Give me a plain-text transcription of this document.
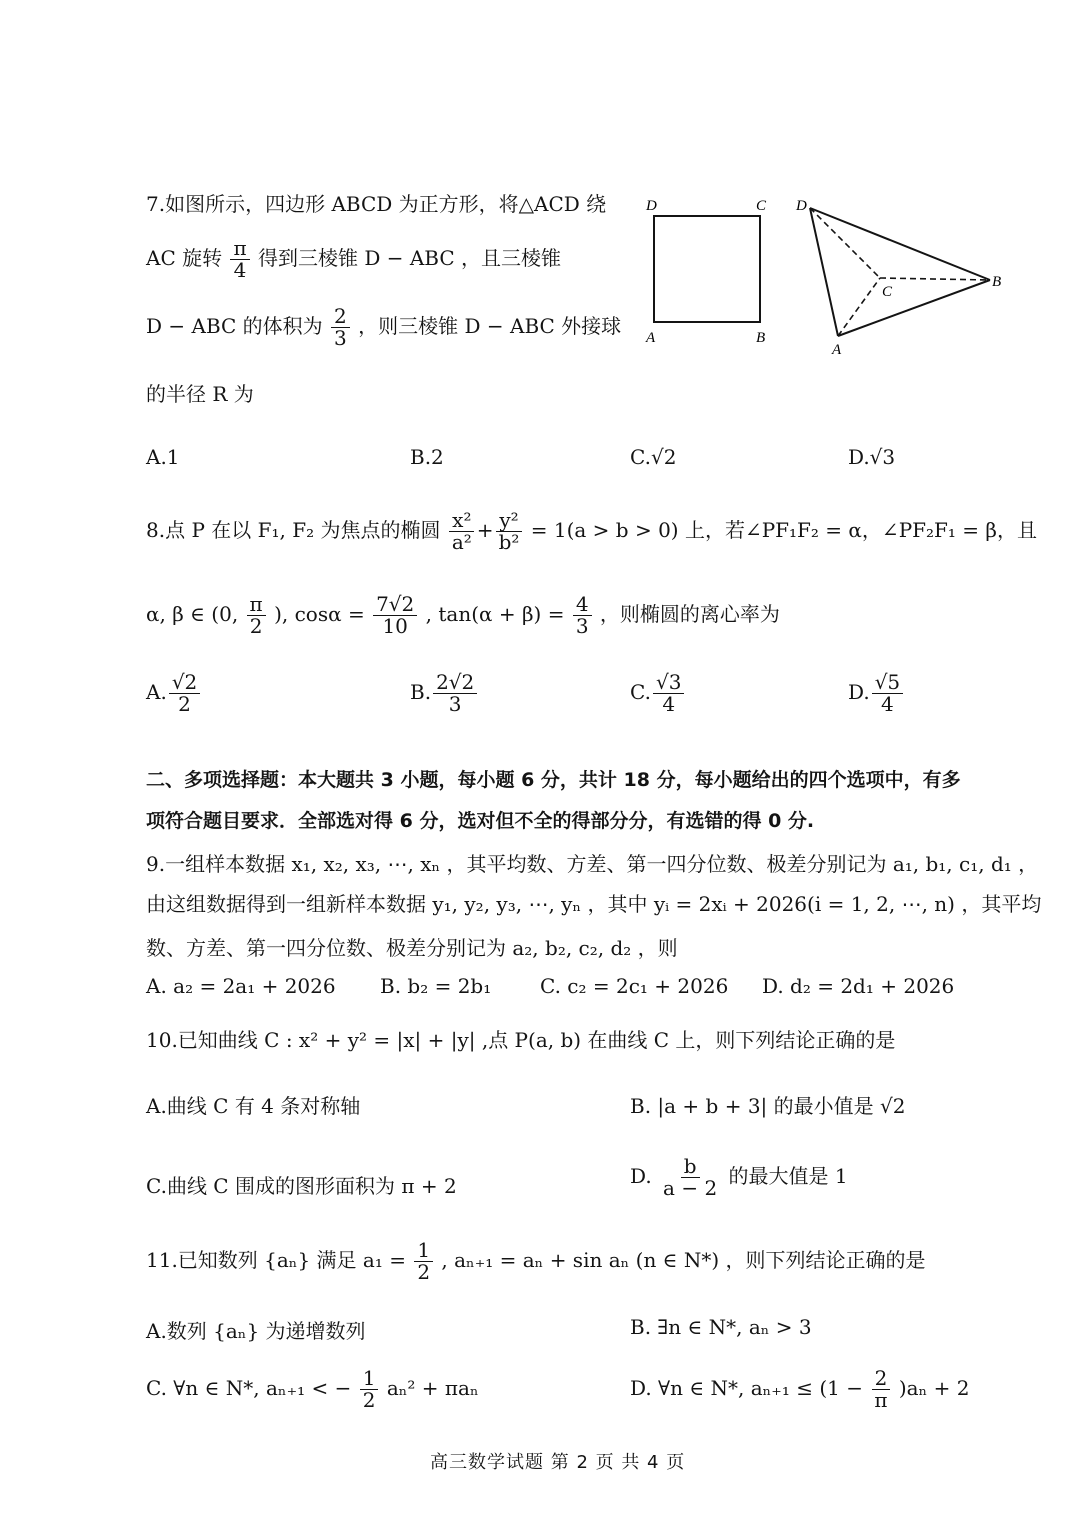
7.如图所示，四边形 ABCD 为正方形，将△ACD 绕
AC 旋转 $\frac{\pi}{4}$ 得到三棱锥 D − ABC ，且三棱锥
D − ABC 的体积为 $\frac{2}{3}$ ，则三棱锥 D − ABC 外接球
的半径 R 为
D	C
A	B
D
C
A
B
A.1	B.2	C.√2	D.√3
8.点 P 在以 F₁, F₂ 为焦点的椭圆 $\frac{\text{x²}}{\text{a²}} + \frac{\text{y²}}{\text{b²}} = 1(a > b > 0)$ 上，若∠PF₁F₂ = α，∠PF₂F₁ = β，且
α, β ∈ (0, $\frac{\pi}{2}$ ), $\cos\alpha = \frac{7√2}{10}$ , $\tan(\alpha + \beta) = \frac{4}{3}$ ，则椭圆的离心率为
A. $\frac{√2}{2}$	B. $\frac{2√2}{3}$	C. $\frac{√3}{4}$	D. $\frac{√5}{4}$
二、多项选择题：本大题共 3 小题，每小题 6 分，共计 18 分，每小题给出的四个选项中，有多
项符合题目要求．全部选对得 6 分，选对但不全的得部分分，有选错的得 0 分.
9.一组样本数据 x₁, x₂, x₃, ⋯, xₙ ，其平均数、方差、第一四分位数、极差分别记为 a₁, b₁, c₁, d₁ ，
由这组数据得到一组新样本数据 y₁, y₂, y₃, ⋯, yₙ ，其中 yᵢ = 2xᵢ + 2026(i = 1, 2, ⋯, n) ，其平均
数、方差、第一四分位数、极差分别记为 a₂, b₂, c₂, d₂ ，则
A. a₂ = 2a₁ + 2026 B. b₂ = 2b₁ C. c₂ = 2c₁ + 2026 D. d₂ = 2d₁ + 2026
10.已知曲线 C : x² + y² = |x| + |y| ,点 P(a, b) 在曲线 C 上，则下列结论正确的是
A.曲线 C 有 4 条对称轴	B. |a + b + 3| 的最小值是 √2
C.曲线 C 围成的图形面积为 π + 2	D. $\frac{b}{a - 2}$ 的最大值是 1
11.已知数列 {aₙ} 满足 $a_1 = \frac{1}{2}$ , aₙ₊₁ = aₙ + sin aₙ (n ∈ N*) ，则下列结论正确的是
A.数列 {aₙ} 为递增数列	B. ∃n ∈ N*, aₙ > 3
C. ∀n ∈ N*, aₙ₊₁ < − $\frac{1}{2} a_n^2 + \pi a_n$	D. ∀n ∈ N*, $a_{n+1} \le (1 - \frac{2}{\pi} )a_n + 2$
高三数学试题 第 2 页 共 4 页
